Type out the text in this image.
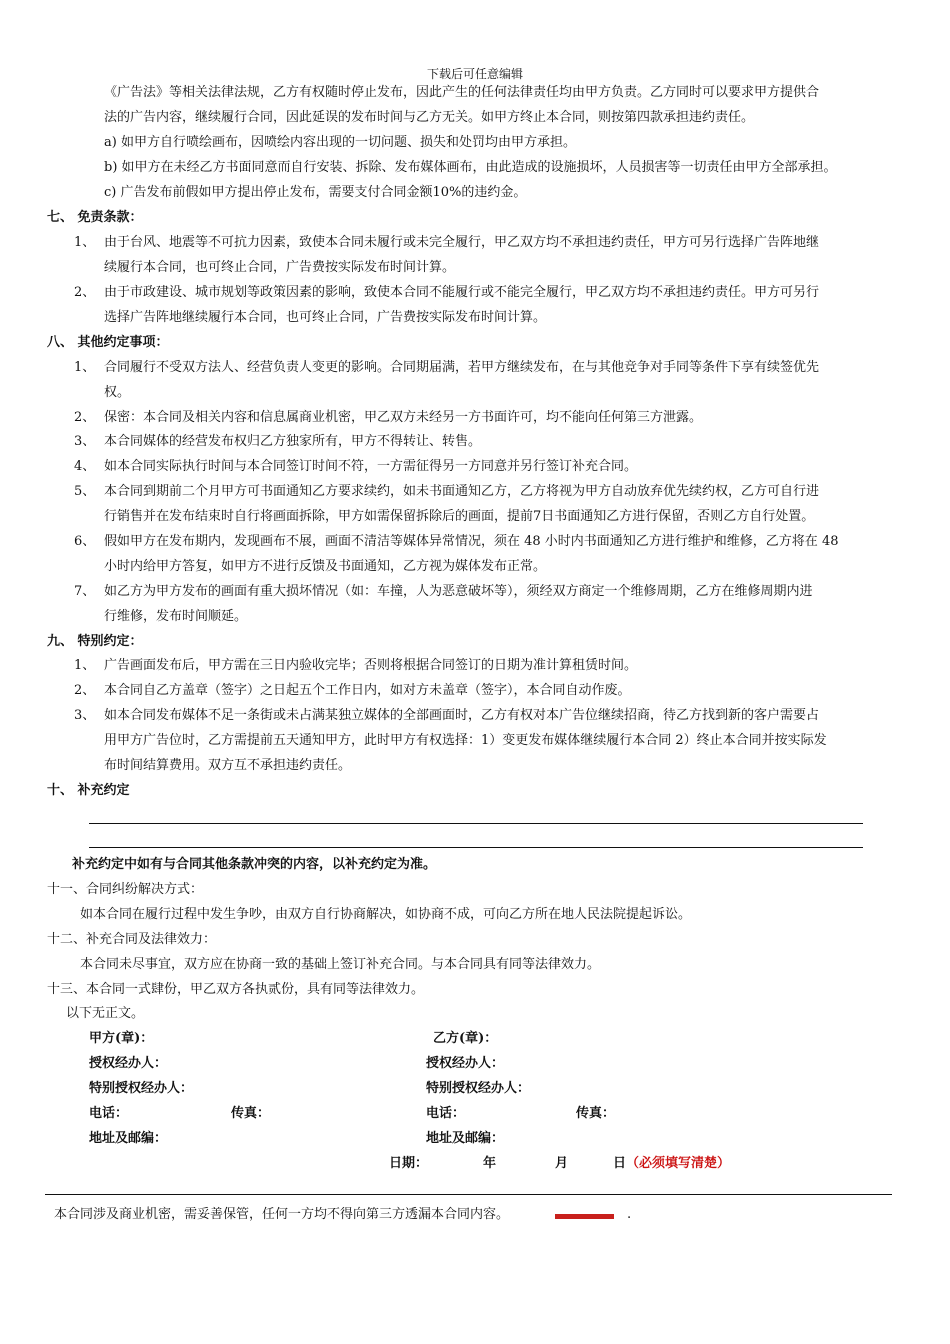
下载后可任意编辑
《广告法》等相关法律法规，乙方有权随时停止发布，因此产生的任何法律责任均由甲方负责。乙方同时可以要求甲方提供合
法的广告内容，继续履行合同，因此延误的发布时间与乙方无关。如甲方终止本合同，则按第四款承担违约责任。
a) 如甲方自行喷绘画布，因喷绘内容出现的一切问题、损失和处罚均由甲方承担。
b) 如甲方在未经乙方书面同意而自行安装、拆除、发布媒体画布，由此造成的设施损坏，人员损害等一切责任由甲方全部承担。
c) 广告发布前假如甲方提出停止发布，需要支付合同金额10%的违约金。
七、 免责条款：
1、 由于台风、地震等不可抗力因素，致使本合同未履行或未完全履行，甲乙双方均不承担违约责任，甲方可另行选择广告阵地继
续履行本合同，也可终止合同，广告费按实际发布时间计算。
2、 由于市政建设、城市规划等政策因素的影响，致使本合同不能履行或不能完全履行，甲乙双方均不承担违约责任。甲方可另行
选择广告阵地继续履行本合同，也可终止合同，广告费按实际发布时间计算。
八、 其他约定事项：
1、 合同履行不受双方法人、经营负责人变更的影响。合同期届满，若甲方继续发布，在与其他竞争对手同等条件下享有续签优先
权。
2、 保密：本合同及相关内容和信息属商业机密，甲乙双方未经另一方书面许可，均不能向任何第三方泄露。
3、 本合同媒体的经营发布权归乙方独家所有，甲方不得转让、转售。
4、 如本合同实际执行时间与本合同签订时间不符，一方需征得另一方同意并另行签订补充合同。
5、 本合同到期前二个月甲方可书面通知乙方要求续约，如未书面通知乙方，乙方将视为甲方自动放弃优先续约权，乙方可自行进
行销售并在发布结束时自行将画面拆除，甲方如需保留拆除后的画面，提前7日书面通知乙方进行保留，否则乙方自行处置。
6、 假如甲方在发布期内，发现画布不展，画面不清洁等媒体异常情况，须在 48 小时内书面通知乙方进行维护和维修，乙方将在 48
小时内给甲方答复，如甲方不进行反馈及书面通知，乙方视为媒体发布正常。
7、 如乙方为甲方发布的画面有重大损坏情况（如：车撞，人为恶意破坏等），须经双方商定一个维修周期，乙方在维修周期内进
行维修，发布时间顺延。
九、 特别约定：
1、 广告画面发布后，甲方需在三日内验收完毕；否则将根据合同签订的日期为准计算租赁时间。
2、 本合同自乙方盖章（签字）之日起五个工作日内，如对方未盖章（签字），本合同自动作废。
3、 如本合同发布媒体不足一条街或未占满某独立媒体的全部画面时，乙方有权对本广告位继续招商，待乙方找到新的客户需要占
用甲方广告位时，乙方需提前五天通知甲方，此时甲方有权选择：1）变更发布媒体继续履行本合同 2）终止本合同并按实际发
布时间结算费用。双方互不承担违约责任。
十、 补充约定
补充约定中如有与合同其他条款冲突的内容，以补充约定为准。
十一、合同纠纷解决方式：
如本合同在履行过程中发生争吵，由双方自行协商解决，如协商不成，可向乙方所在地人民法院提起诉讼。
十二、补充合同及法律效力：
本合同未尽事宜，双方应在协商一致的基础上签订补充合同。与本合同具有同等法律效力。
十三、本合同一式肆份，甲乙双方各执贰份，具有同等法律效力。
以下无正文。
甲方(章)：	乙方(章)：
授权经办人：	授权经办人：
特别授权经办人：	特别授权经办人：
电话：	传真：	电话：	传真：
地址及邮编：	地址及邮编：
日期：	年	月	日 （必须填写清楚）
本合同涉及商业机密，需妥善保管，任何一方均不得向第三方透漏本合同内容。	.
